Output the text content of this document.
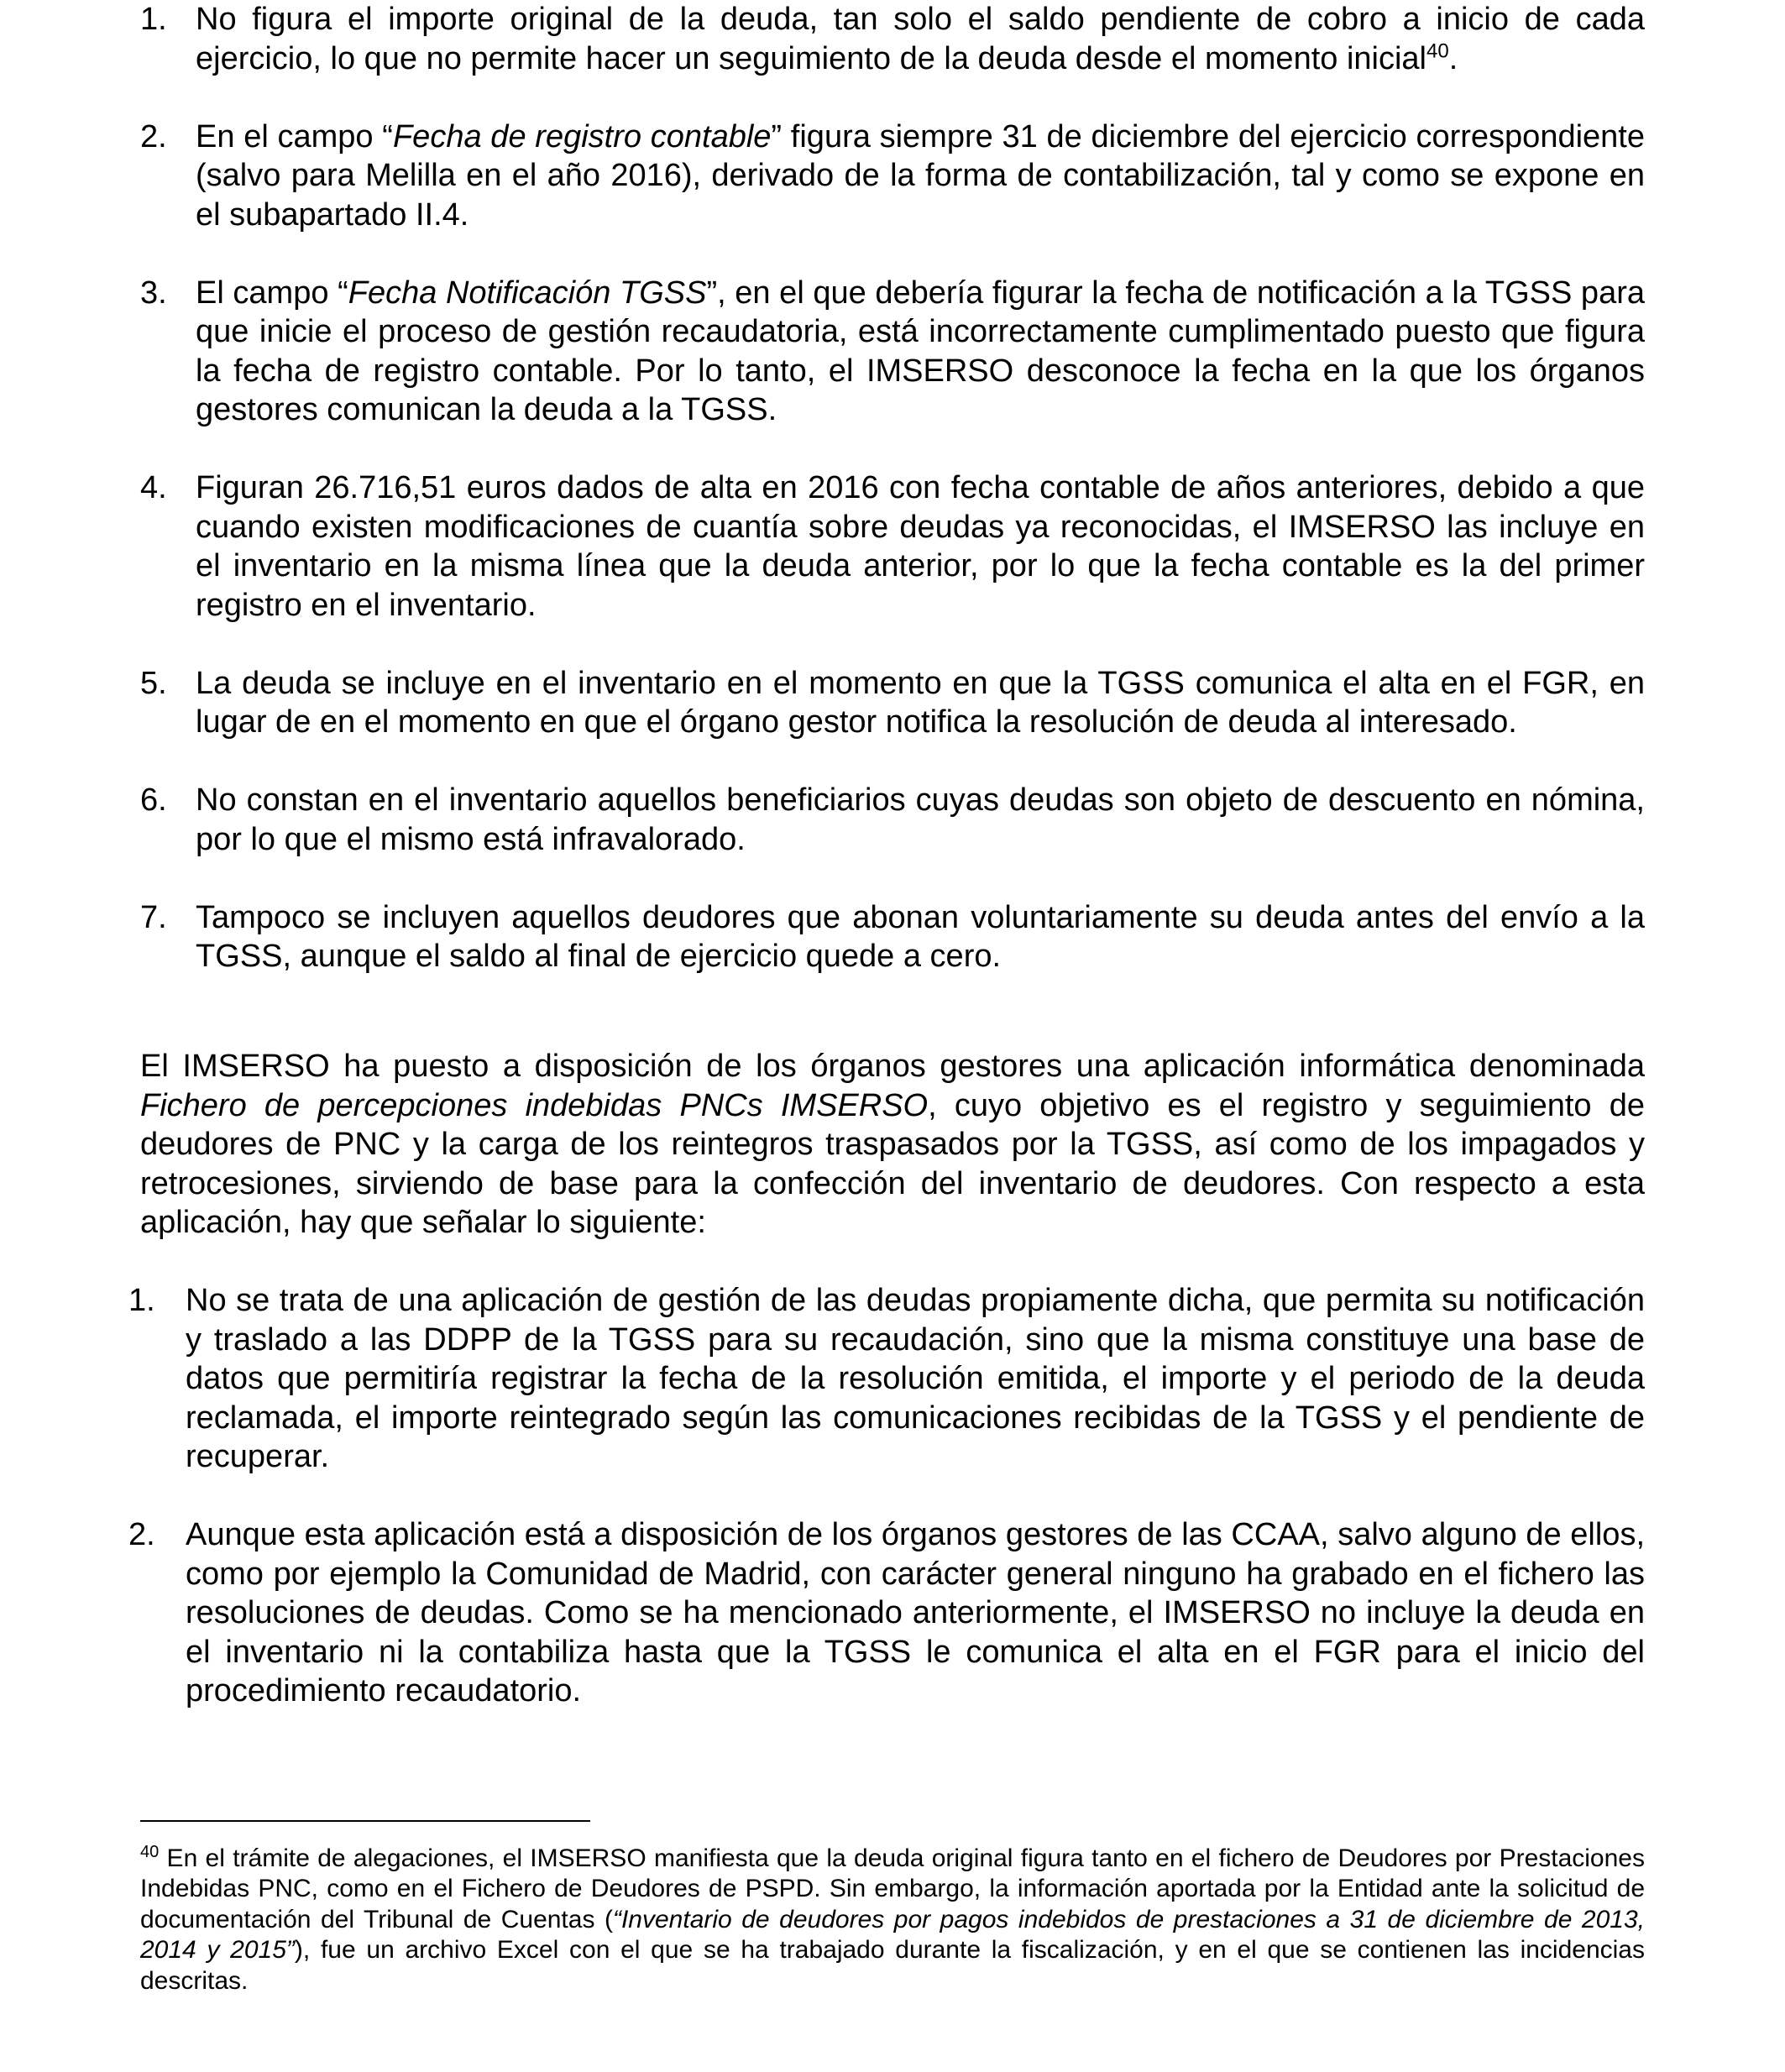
1. No figura el importe original de la deuda, tan solo el saldo pendiente de cobro a inicio de cada ejercicio, lo que no permite hacer un seguimiento de la deuda desde el momento inicial$^{40}$.
2. En el campo “Fecha de registro contable” figura siempre 31 de diciembre del ejercicio correspondiente (salvo para Melilla en el año 2016), derivado de la forma de contabilización, tal y como se expone en el subapartado II.4.
3. El campo “Fecha Notificación TGSS”, en el que debería figurar la fecha de notificación a la TGSS para que inicie el proceso de gestión recaudatoria, está incorrectamente cumplimentado puesto que figura la fecha de registro contable. Por lo tanto, el IMSERSO desconoce la fecha en la que los órganos gestores comunican la deuda a la TGSS.
4. Figuran 26.716,51 euros dados de alta en 2016 con fecha contable de años anteriores, debido a que cuando existen modificaciones de cuantía sobre deudas ya reconocidas, el IMSERSO las incluye en el inventario en la misma línea que la deuda anterior, por lo que la fecha contable es la del primer registro en el inventario.
5. La deuda se incluye en el inventario en el momento en que la TGSS comunica el alta en el FGR, en lugar de en el momento en que el órgano gestor notifica la resolución de deuda al interesado.
6. No constan en el inventario aquellos beneficiarios cuyas deudas son objeto de descuento en nómina, por lo que el mismo está infravalorado.
7. Tampoco se incluyen aquellos deudores que abonan voluntariamente su deuda antes del envío a la TGSS, aunque el saldo al final de ejercicio quede a cero.

El IMSERSO ha puesto a disposición de los órganos gestores una aplicación informática denominada Fichero de percepciones indebidas PNCs IMSERSO, cuyo objetivo es el registro y seguimiento de deudores de PNC y la carga de los reintegros traspasados por la TGSS, así como de los impagados y retrocesiones, sirviendo de base para la confección del inventario de deudores. Con respecto a esta aplicación, hay que señalar lo siguiente:

1. No se trata de una aplicación de gestión de las deudas propiamente dicha, que permita su notificación y traslado a las DDPP de la TGSS para su recaudación, sino que la misma constituye una base de datos que permitiría registrar la fecha de la resolución emitida, el importe y el periodo de la deuda reclamada, el importe reintegrado según las comunicaciones recibidas de la TGSS y el pendiente de recuperar.
2. Aunque esta aplicación está a disposición de los órganos gestores de las CCAA, salvo alguno de ellos, como por ejemplo la Comunidad de Madrid, con carácter general ninguno ha grabado en el fichero las resoluciones de deudas. Como se ha mencionado anteriormente, el IMSERSO no incluye la deuda en el inventario ni la contabiliza hasta que la TGSS le comunica el alta en el FGR para el inicio del procedimiento recaudatorio.

$^{40}$ En el trámite de alegaciones, el IMSERSO manifiesta que la deuda original figura tanto en el fichero de Deudores por Prestaciones Indebidas PNC, como en el Fichero de Deudores de PSPD. Sin embargo, la información aportada por la Entidad ante la solicitud de documentación del Tribunal de Cuentas (“Inventario de deudores por pagos indebidos de prestaciones a 31 de diciembre de 2013, 2014 y 2015”), fue un archivo Excel con el que se ha trabajado durante la fiscalización, y en el que se contienen las incidencias descritas.
